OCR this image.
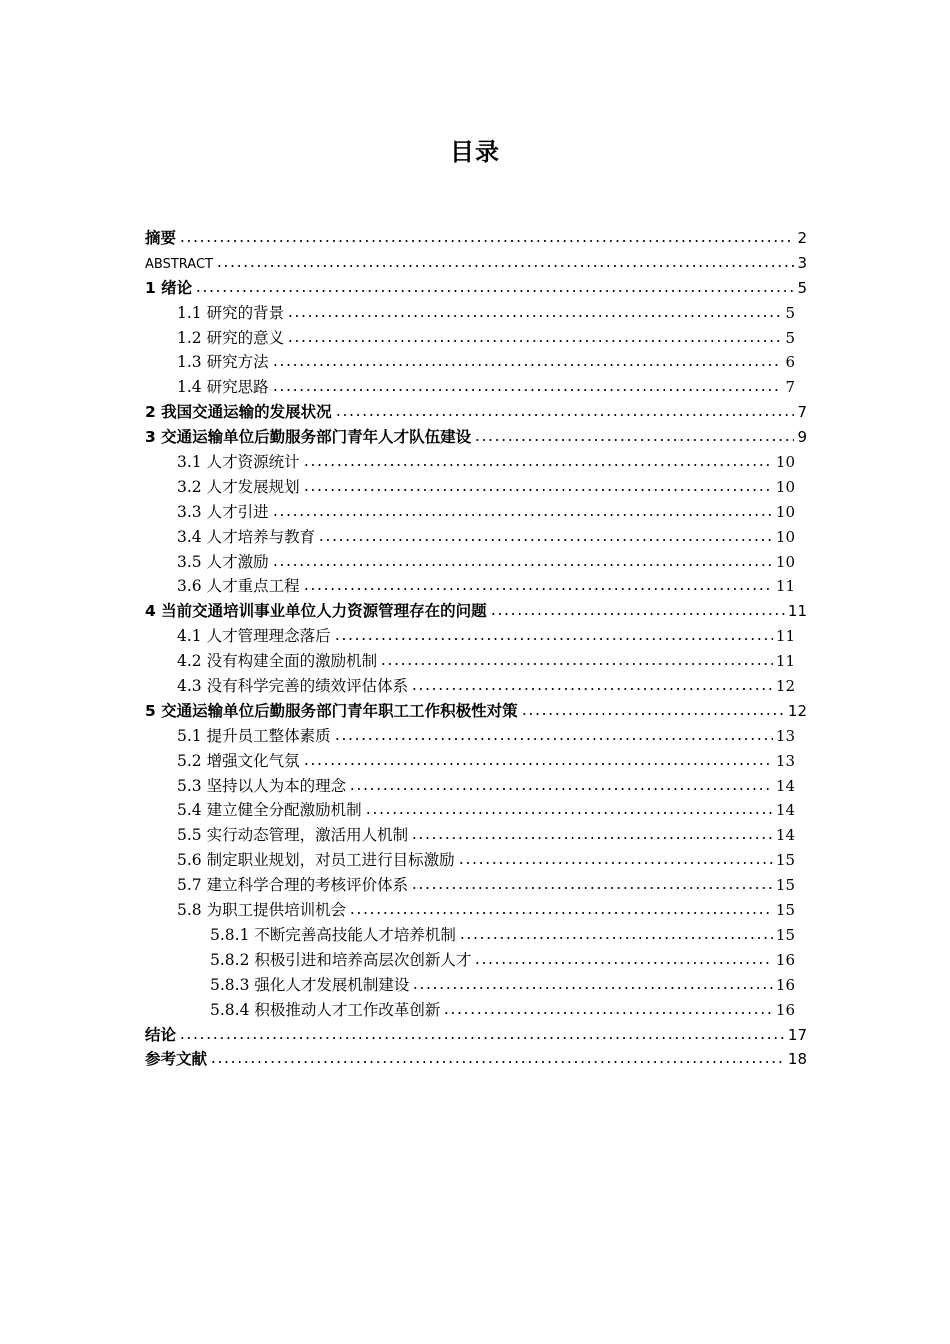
目录
摘要	2
ABSTRACT	3
1 绪论	5
1.1 研究的背景	5
1.2 研究的意义	5
1.3 研究方法	6
1.4 研究思路	7
2 我国交通运输的发展状况	7
3 交通运输单位后勤服务部门青年人才队伍建设	9
3.1 人才资源统计	10
3.2 人才发展规划	10
3.3 人才引进	10
3.4 人才培养与教育	10
3.5 人才激励	10
3.6 人才重点工程	11
4 当前交通培训事业单位人力资源管理存在的问题	11
4.1 人才管理理念落后	11
4.2 没有构建全面的激励机制	11
4.3 没有科学完善的绩效评估体系	12
5 交通运输单位后勤服务部门青年职工工作积极性对策	12
5.1 提升员工整体素质	13
5.2 增强文化气氛	13
5.3 坚持以人为本的理念	14
5.4 建立健全分配激励机制	14
5.5 实行动态管理，激活用人机制	14
5.6 制定职业规划，对员工进行目标激励	15
5.7 建立科学合理的考核评价体系	15
5.8 为职工提供培训机会	15
5.8.1 不断完善高技能人才培养机制	15
5.8.2 积极引进和培养高层次创新人才	16
5.8.3 强化人才发展机制建设	16
5.8.4 积极推动人才工作改革创新	16
结论	17
参考文献	18
